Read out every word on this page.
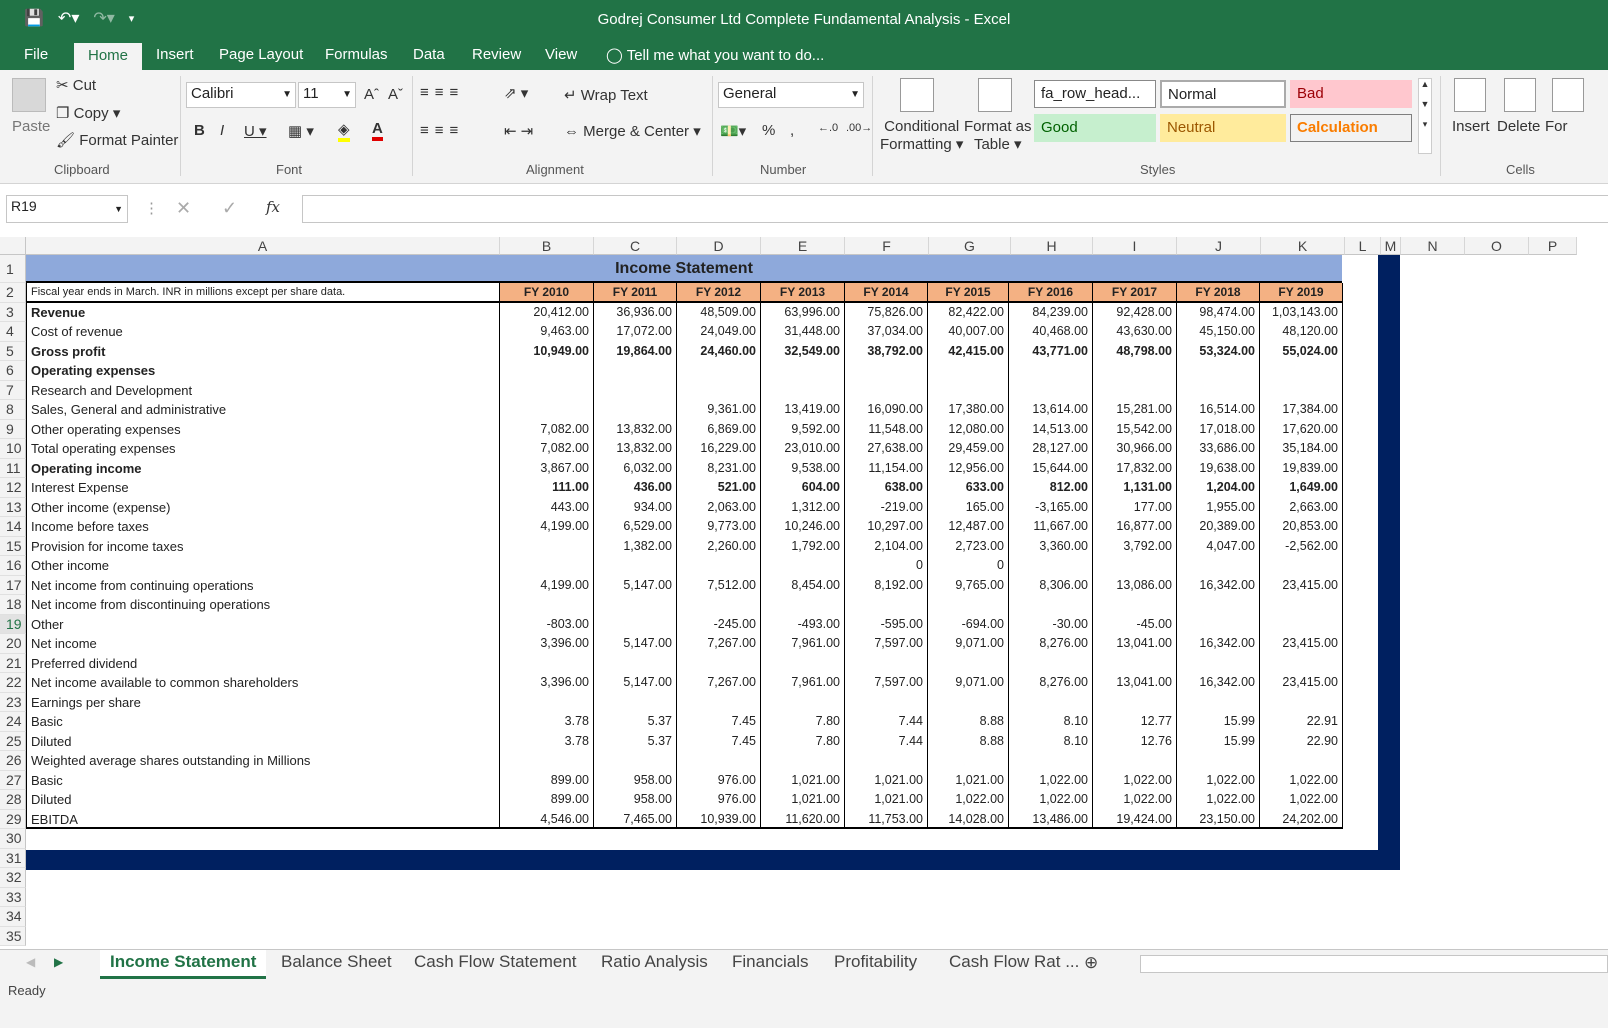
💾 ↶▾ ↷▾ ▾	Godrej Consumer Ltd Complete Fundamental Analysis - Excel
File	Home	Insert Page Layout Formulas Data Review View ◯ Tell me what you want to do...
Paste
✂ Cut
❐ Copy ▾
🖌 Format Painter
Clipboard
Calibri	▼ 11 ▼ Aˆ Aˇ
B I U ▾ ▦ ▾ ◈ A
Font
≡≡≡	⇗ ▾
≡≡≡	⇤⇥
↵ Wrap Text
⇔ Merge & Center ▾
Alignment
General	▼
💵▾ % , ←.0 .00→
Number
Conditional
Formatting ▾
Format as
Table ▾
fa_row_head...	Normal	Bad
Good	Neutral	Calculation
▲

▼

▾
Styles
Insert Delete For
Cells
R19	▼ ⋮ ✕ ✓ fx
A	B	C	D	E	F	G	H	I	J	K	L	M	N	O	P
1
2
3
4
5
6
7
8
9
10
11
12
13
14
15
16
17
18
19
20
21
22
23
24
25
26
27
28
29
30
31
32
33
34
35
Income Statement
Fiscal year ends in March. INR in millions except per share data.	FY 2010	FY 2011	FY 2012	FY 2013	FY 2014	FY 2015	FY 2016	FY 2017	FY 2018	FY 2019
Revenue	20,412.00	36,936.00	48,509.00	63,996.00	75,826.00	82,422.00	84,239.00	92,428.00	98,474.00	1,03,143.00
Cost of revenue	9,463.00	17,072.00	24,049.00	31,448.00	37,034.00	40,007.00	40,468.00	43,630.00	45,150.00	48,120.00
Gross profit	10,949.00	19,864.00	24,460.00	32,549.00	38,792.00	42,415.00	43,771.00	48,798.00	53,324.00	55,024.00
Operating expenses
Research and Development
Sales, General and administrative	9,361.00	13,419.00	16,090.00	17,380.00	13,614.00	15,281.00	16,514.00	17,384.00
Other operating expenses	7,082.00	13,832.00	6,869.00	9,592.00	11,548.00	12,080.00	14,513.00	15,542.00	17,018.00	17,620.00
Total operating expenses	7,082.00	13,832.00	16,229.00	23,010.00	27,638.00	29,459.00	28,127.00	30,966.00	33,686.00	35,184.00
Operating income	3,867.00	6,032.00	8,231.00	9,538.00	11,154.00	12,956.00	15,644.00	17,832.00	19,638.00	19,839.00
Interest Expense	111.00	436.00	521.00	604.00	638.00	633.00	812.00	1,131.00	1,204.00	1,649.00
Other income (expense)	443.00	934.00	2,063.00	1,312.00	-219.00	165.00	-3,165.00	177.00	1,955.00	2,663.00
Income before taxes	4,199.00	6,529.00	9,773.00	10,246.00	10,297.00	12,487.00	11,667.00	16,877.00	20,389.00	20,853.00
Provision for income taxes	1,382.00	2,260.00	1,792.00	2,104.00	2,723.00	3,360.00	3,792.00	4,047.00	-2,562.00
Other income	0	0
Net income from continuing operations	4,199.00	5,147.00	7,512.00	8,454.00	8,192.00	9,765.00	8,306.00	13,086.00	16,342.00	23,415.00
Net income from discontinuing operations
Other	-803.00	-245.00	-493.00	-595.00	-694.00	-30.00	-45.00
Net income	3,396.00	5,147.00	7,267.00	7,961.00	7,597.00	9,071.00	8,276.00	13,041.00	16,342.00	23,415.00
Preferred dividend
Net income available to common shareholders	3,396.00	5,147.00	7,267.00	7,961.00	7,597.00	9,071.00	8,276.00	13,041.00	16,342.00	23,415.00
Earnings per share
Basic	3.78	5.37	7.45	7.80	7.44	8.88	8.10	12.77	15.99	22.91
Diluted	3.78	5.37	7.45	7.80	7.44	8.88	8.10	12.76	15.99	22.90
Weighted average shares outstanding in Millions
Basic	899.00	958.00	976.00	1,021.00	1,021.00	1,021.00	1,022.00	1,022.00	1,022.00	1,022.00
Diluted	899.00	958.00	976.00	1,021.00	1,021.00	1,022.00	1,022.00	1,022.00	1,022.00	1,022.00
EBITDA	4,546.00	7,465.00	10,939.00	11,620.00	11,753.00	14,028.00	13,486.00	19,424.00	23,150.00	24,202.00
◀ ▶	Income Statement	Balance Sheet Cash Flow Statement Ratio Analysis Financials Profitability Cash Flow Rat ... ⊕
Ready
